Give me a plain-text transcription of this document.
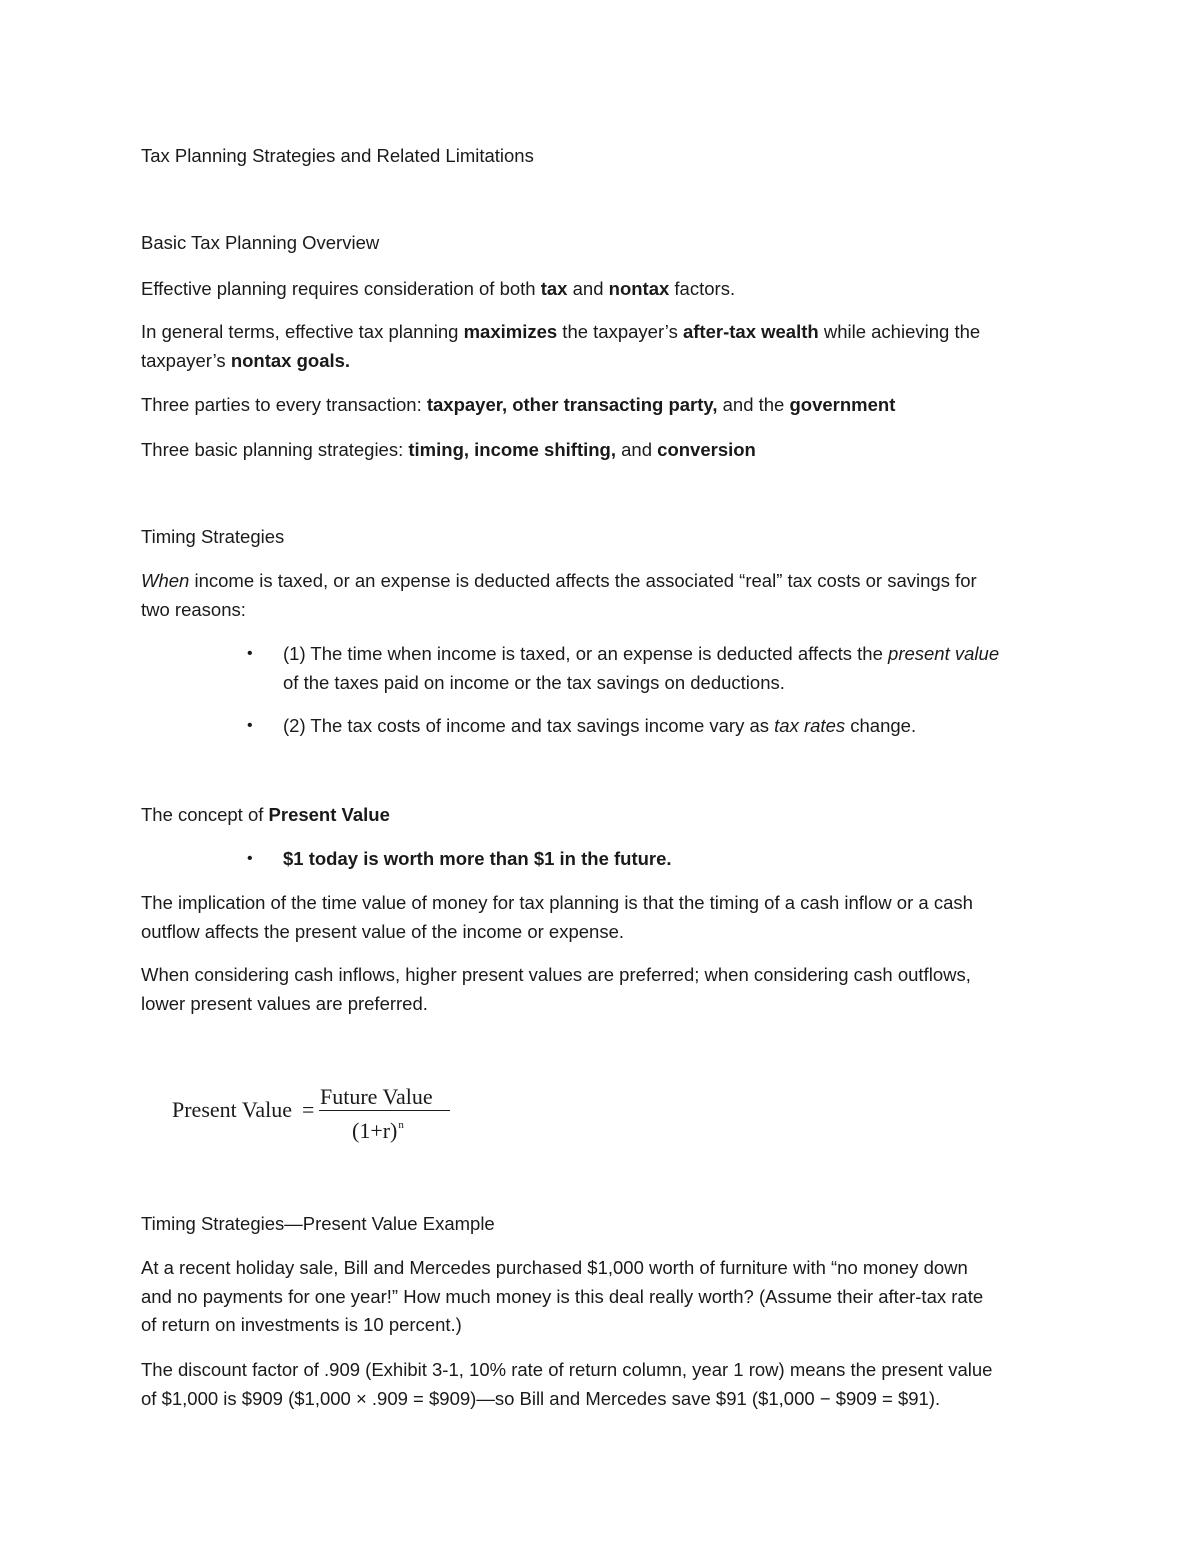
Tax Planning Strategies and Related Limitations
Basic Tax Planning Overview
Effective planning requires consideration of both tax and nontax factors.
In general terms, effective tax planning maximizes the taxpayer’s after-tax wealth while achieving the
taxpayer’s nontax goals.
Three parties to every transaction: taxpayer, other transacting party, and the government
Three basic planning strategies: timing, income shifting, and conversion
Timing Strategies
When income is taxed, or an expense is deducted affects the associated “real” tax costs or savings for
two reasons:
• (1) The time when income is taxed, or an expense is deducted affects the present value
of the taxes paid on income or the tax savings on deductions.
• (2) The tax costs of income and tax savings income vary as tax rates change.
The concept of Present Value
• $1 today is worth more than $1 in the future.
The implication of the time value of money for tax planning is that the timing of a cash inflow or a cash
outflow affects the present value of the income or expense.
When considering cash inflows, higher present values are preferred; when considering cash outflows,
lower present values are preferred.
Present Value =
Future Value
$(1+r)^n$
Timing Strategies—Present Value Example
At a recent holiday sale, Bill and Mercedes purchased $1,000 worth of furniture with “no money down
and no payments for one year!” How much money is this deal really worth? (Assume their after-tax rate
of return on investments is 10 percent.)
The discount factor of .909 (Exhibit 3-1, 10% rate of return column, year 1 row) means the present value
of $1,000 is $909 ($1,000 × .909 = $909)—so Bill and Mercedes save $91 ($1,000 − $909 = $91).
